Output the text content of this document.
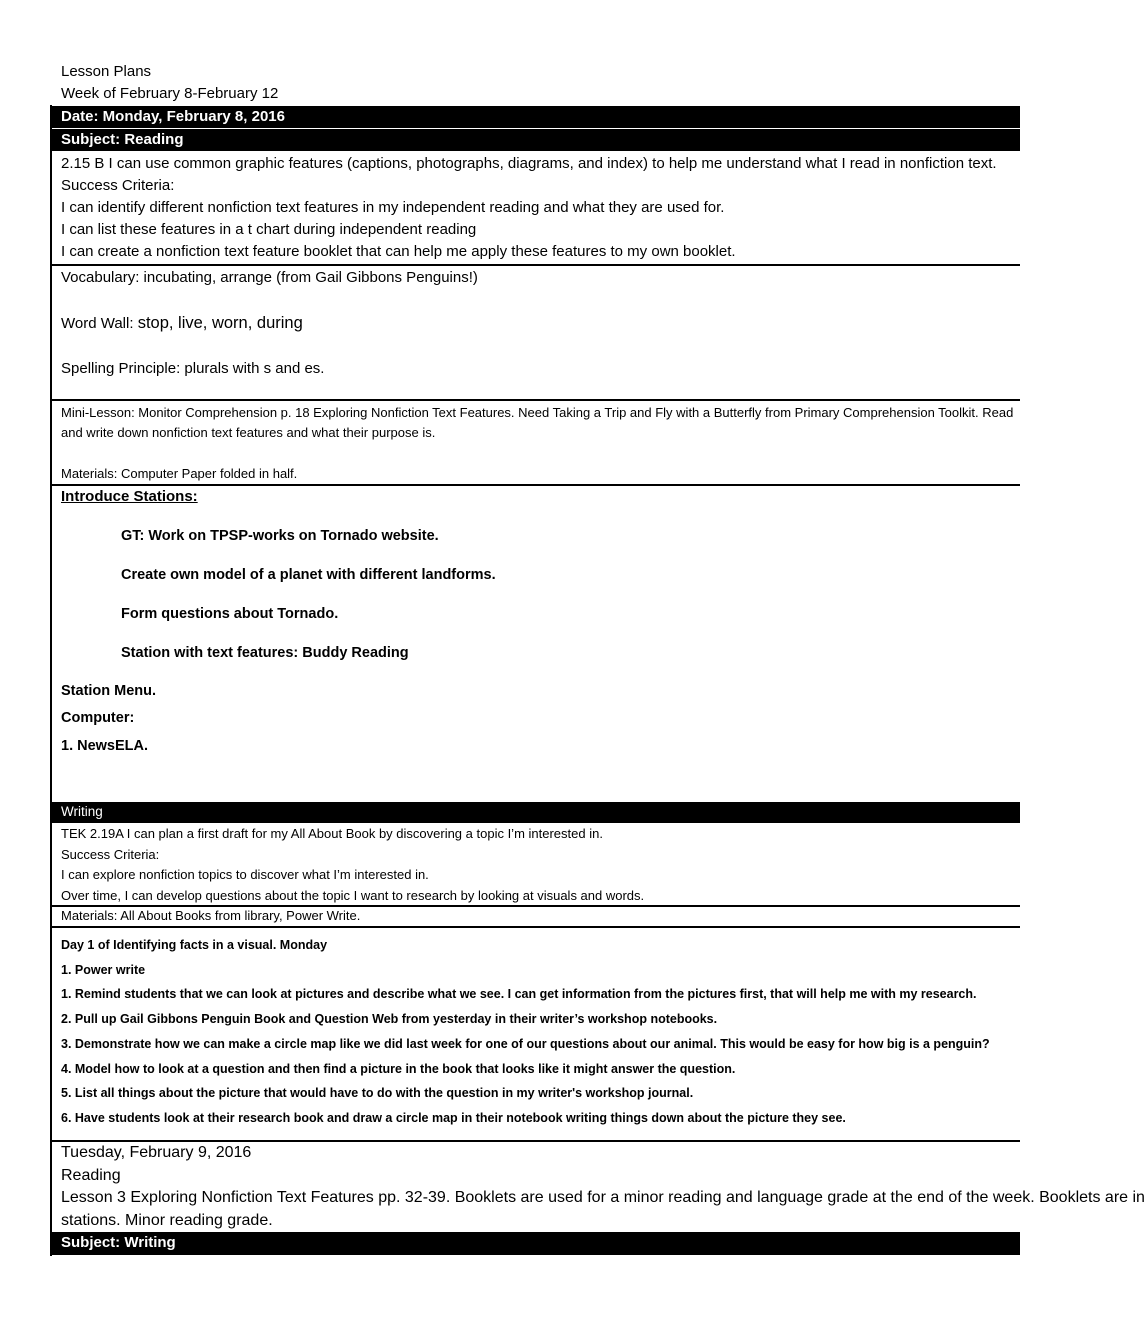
Lesson Plans
Week of February 8-February 12
Date: Monday, February 8, 2016
Subject: Reading
2.15 B I can use common graphic features (captions, photographs, diagrams, and index) to help me understand what I read in nonfiction text.
Success Criteria:
I can identify different nonfiction text features in my independent reading and what they are used for.
I can list these features in a t chart during independent reading
I can create a nonfiction text feature booklet that can help me apply these features to my own booklet.
Vocabulary: incubating, arrange (from Gail Gibbons Penguins!)
Word Wall: stop, live, worn, during
Spelling Principle: plurals with s and es.
Mini-Lesson: Monitor Comprehension p. 18 Exploring Nonfiction Text Features. Need Taking a Trip and Fly with a Butterfly from Primary Comprehension Toolkit. Read
and write down nonfiction text features and what their purpose is.
Materials: Computer Paper folded in half.
Introduce Stations:
GT: Work on TPSP-works on Tornado website.
Create own model of a planet with different landforms.
Form questions about Tornado.
Station with text features: Buddy Reading
Station Menu.
Computer:
1. NewsELA.
Writing
TEK 2.19A I can plan a first draft for my All About Book by discovering a topic I’m interested in.
Success Criteria:
I can explore nonfiction topics to discover what I’m interested in.
Over time, I can develop questions about the topic I want to research by looking at visuals and words.
Materials: All About Books from library, Power Write.
Day 1 of Identifying facts in a visual. Monday
1. Power write
1. Remind students that we can look at pictures and describe what we see. I can get information from the pictures first, that will help me with my research.
2. Pull up Gail Gibbons Penguin Book and Question Web from yesterday in their writer’s workshop notebooks.
3. Demonstrate how we can make a circle map like we did last week for one of our questions about our animal. This would be easy for how big is a penguin?
4. Model how to look at a question and then find a picture in the book that looks like it might answer the question.
5. List all things about the picture that would have to do with the question in my writer's workshop journal.
6. Have students look at their research book and draw a circle map in their notebook writing things down about the picture they see.
Tuesday, February 9, 2016
Reading
Lesson 3 Exploring Nonfiction Text Features pp. 32-39. Booklets are used for a minor reading and language grade at the end of the week. Booklets are in
stations. Minor reading grade.
Subject: Writing
